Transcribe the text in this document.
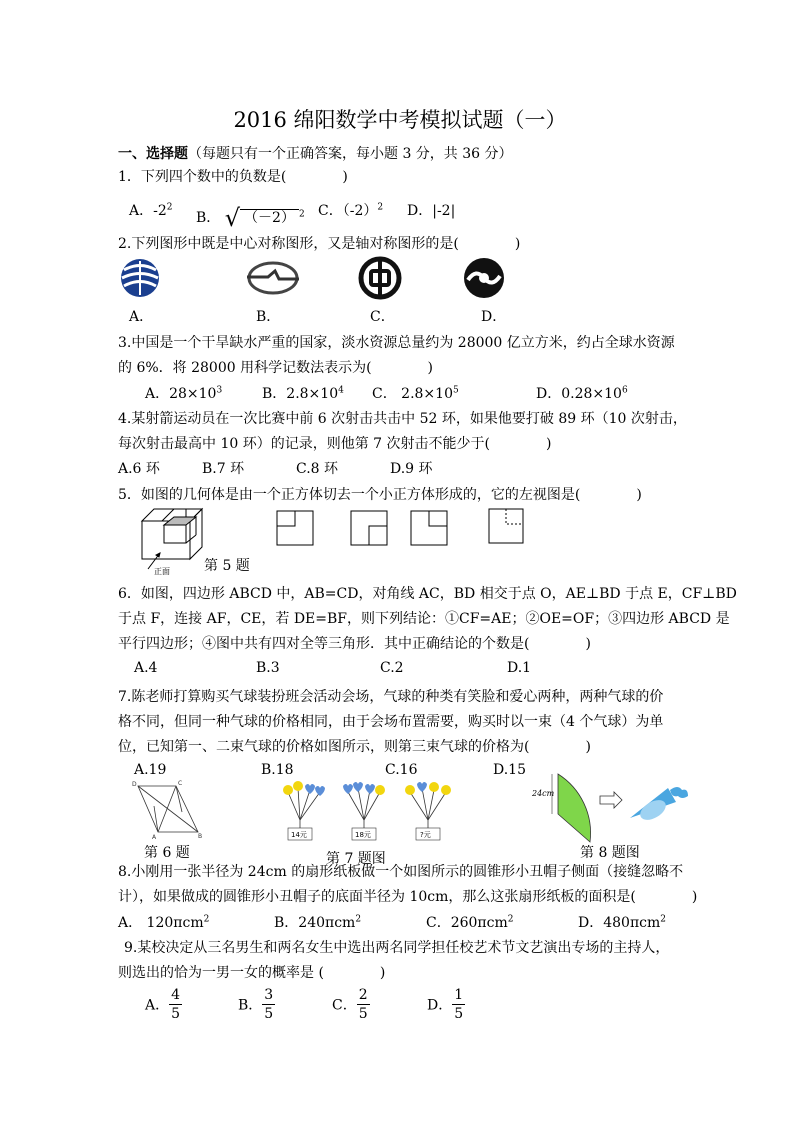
2016 绵阳数学中考模拟试题（一）
一、选择题（每题只有一个正确答案，每小题 3 分，共 36 分）
1．下列四个数中的负数是(　　　　)
A．$-2^2$
B． √ （－2） $^2$ C．$(-2)^2$ D．|-2|
2.下列图形中既是中心对称图形，又是轴对称图形的是(　　　　)
A．	B．	C．	D．
3.中国是一个干旱缺水严重的国家，淡水资源总量约为 28000 亿立方米，约占全球水资源
的 6%．将 28000 用科学记数法表示为(　　　　)
A．$28\times 10^3$	B．$2.8\times 10^4$ C． $2.8\times 10^5$	D．$0.28\times 10^6$
4.某射箭运动员在一次比赛中前 6 次射击共击中 52 环，如果他要打破 89 环（10 次射击，
每次射击最高中 10 环）的记录，则他第 7 次射击不能少于(　　　　)
A.6 环	B.7 环	C.8 环	D.9 环
5．如图的几何体是由一个正方体切去一个小正方体形成的，它的左视图是(　　　　)
正面 第 5 题
6．如图，四边形 ABCD 中，AB=CD，对角线 AC，BD 相交于点 O，AE⊥BD 于点 E，CF⊥BD
于点 F，连接 AF，CE，若 DE=BF，则下列结论：①CF=AE；②OE=OF；③四边形 ABCD 是
平行四边形；④图中共有四对全等三角形．其中正确结论的个数是(　　　　)
A.4	B.3	C.2	D.1
7.陈老师打算购买气球装扮班会活动会场，气球的种类有笑脸和爱心两种，两种气球的价
格不同，但同一种气球的价格相同，由于会场布置需要，购买时以一束（4 个气球）为单
位，已知第一、二束气球的价格如图所示，则第三束气球的价格为(　　　　)
A.19	B.18	C.16	D.15
D	C
A	B
第 6 题
14元	18元	?元
第 7 题图
24cm
第 8 题图
8.小刚用一张半径为 24cm 的扇形纸板做一个如图所示的圆锥形小丑帽子侧面（接缝忽略不
计），如果做成的圆锥形小丑帽子的底面半径为 10cm，那么这张扇形纸板的面积是(　　　　)
A． 120πcm$^2$	B．240πcm$^2$	C．260πcm$^2$	D．480πcm$^2$
9.某校决定从三名男生和两名女生中选出两名同学担任校艺术节文艺演出专场的主持人，
则选出的恰为一男一女的概率是 (　　　　)
A． $\frac{4}{5}$	B． $\frac{3}{5}$	C． $\frac{2}{5}$	D． $\frac{1}{5}$
